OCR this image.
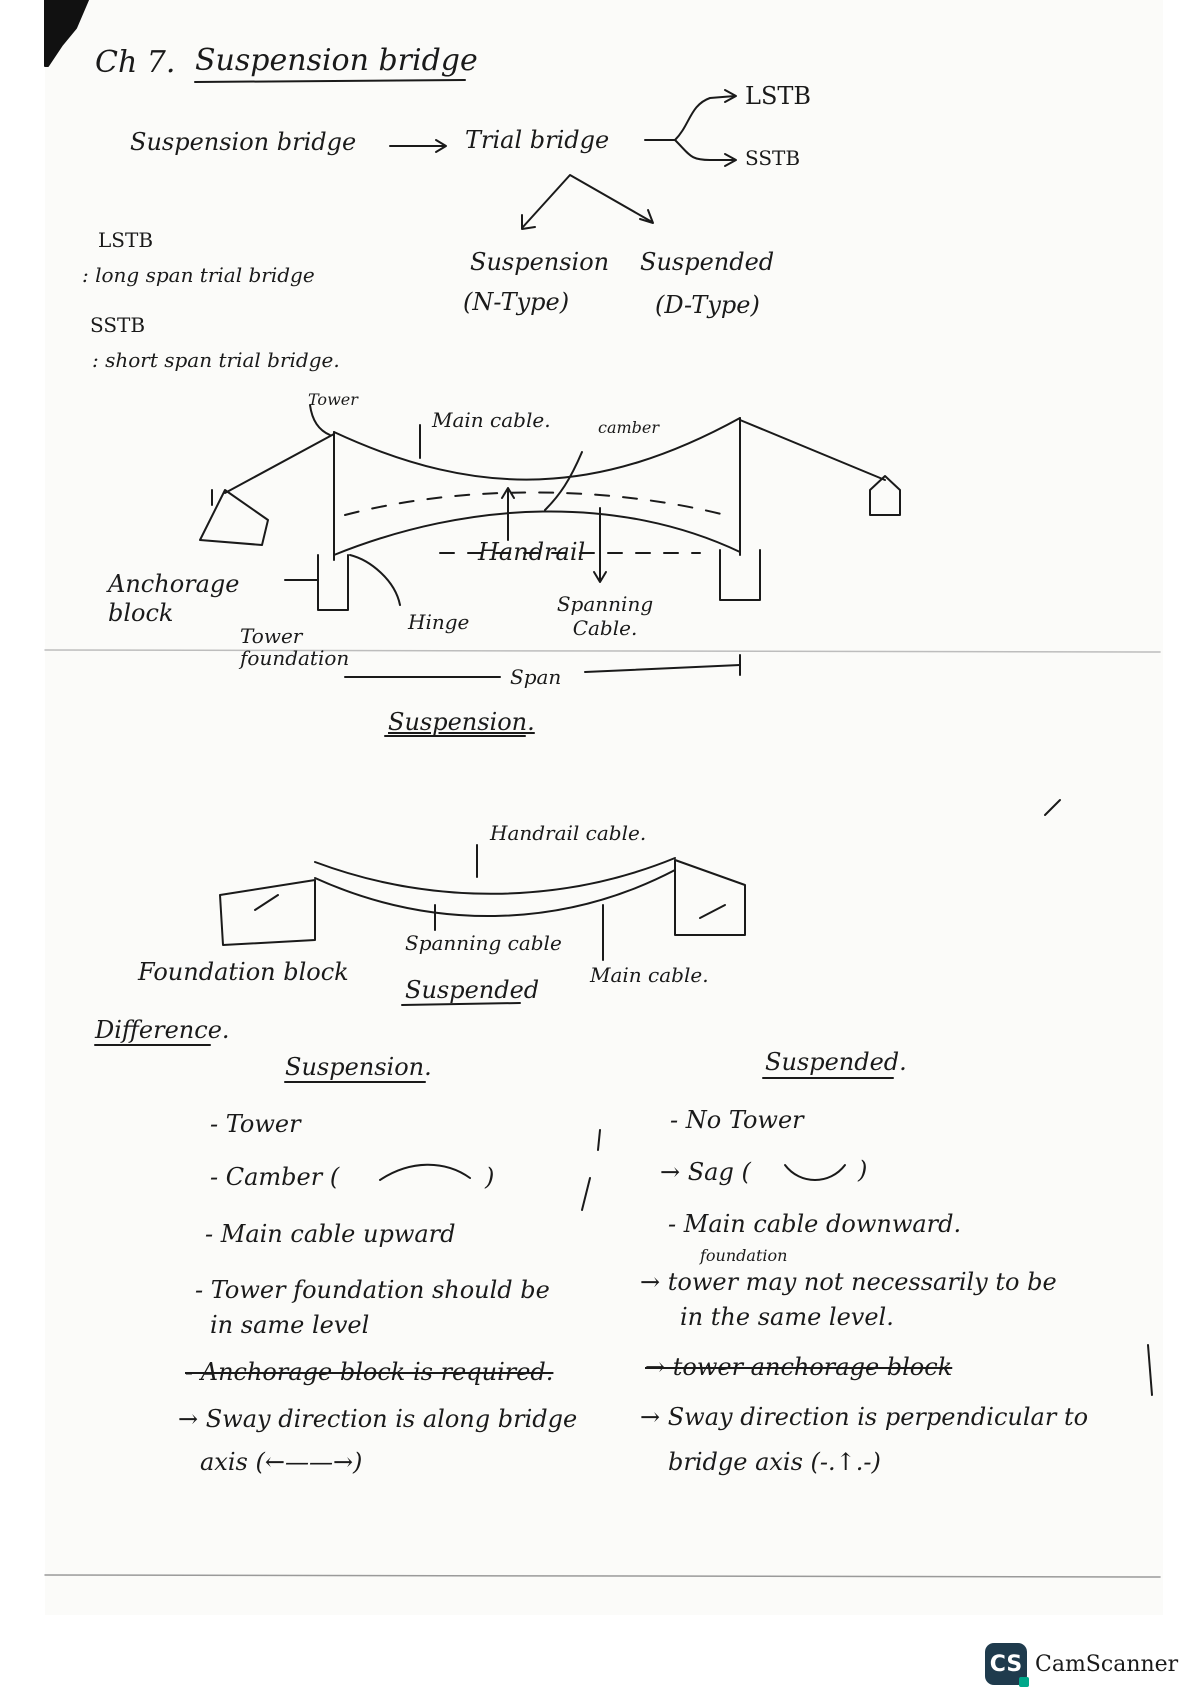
Ch 7. Suspension bridge
Suspension bridge	Trial bridge
LSTB
SSTB
Suspension
(N-Type)
Suspended
(D-Type)
LSTB
: long span trial bridge
SSTB
: short span trial bridge.
Tower
Main cable.	camber
Handrail
Anchorage block
Tower foundation
Hinge
Spanning Cable.
Span
Suspension.
Handrail cable.
Foundation block
Spanning cable
Main cable.
Suspended
Difference.
Suspension.	Suspended.
- Tower
- Camber (	)
- Main cable upward
- Tower foundation should be
in same level
- Anchorage block is required.
→ Sway direction is along bridge
axis (←——→)
- No Tower
→ Sag (	)
- Main cable downward.
foundation
→ tower may not necessarily to be
in the same level.
→ tower anchorage block
→ Sway direction is perpendicular to
bridge axis (-.↑.-)
CS CamScanner
